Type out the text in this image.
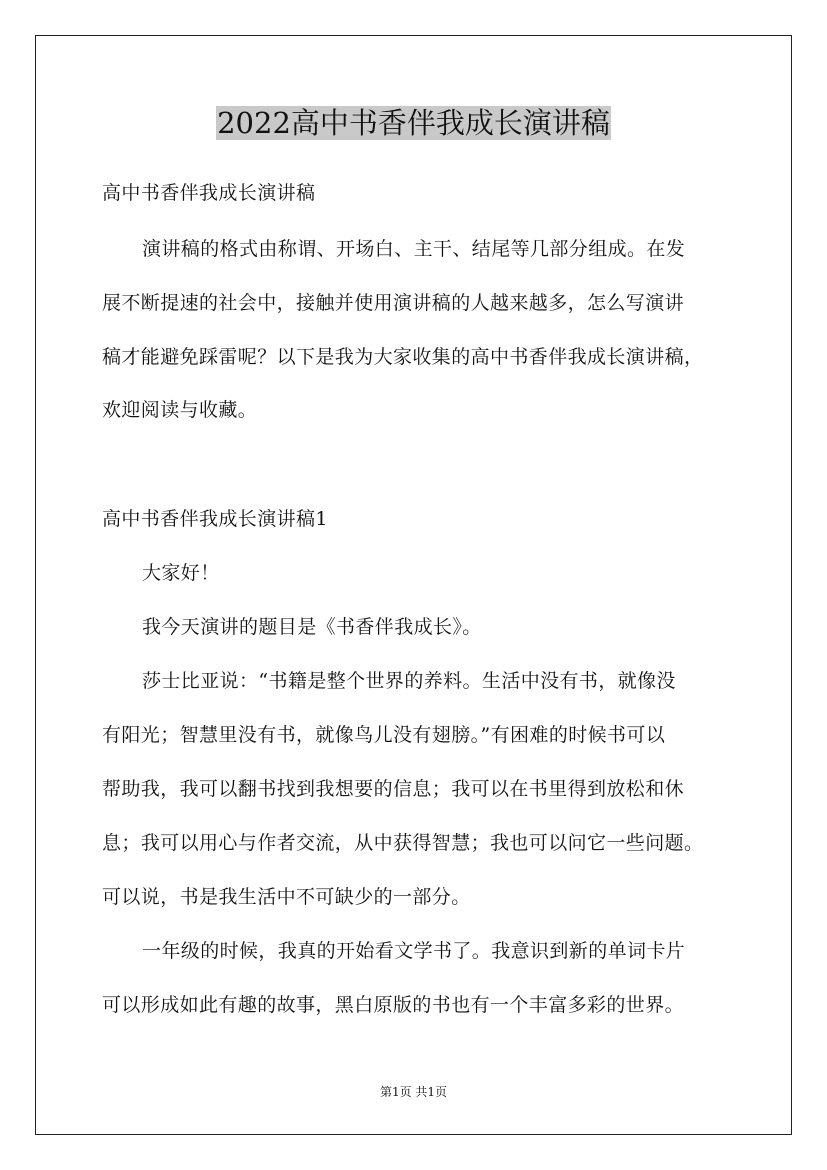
2022高中书香伴我成长演讲稿
高中书香伴我成长演讲稿
演讲稿的格式由称谓、开场白、主干、结尾等几部分组成。在发
展不断提速的社会中，接触并使用演讲稿的人越来越多，怎么写演讲
稿才能避免踩雷呢？以下是我为大家收集的高中书香伴我成长演讲稿，
欢迎阅读与收藏。
高中书香伴我成长演讲稿1
大家好！
我今天演讲的题目是《书香伴我成长》。
莎士比亚说：“书籍是整个世界的养料。生活中没有书，就像没
有阳光；智慧里没有书，就像鸟儿没有翅膀。”有困难的时候书可以
帮助我，我可以翻书找到我想要的信息；我可以在书里得到放松和休
息；我可以用心与作者交流，从中获得智慧；我也可以问它一些问题。
可以说，书是我生活中不可缺少的一部分。
一年级的时候，我真的开始看文学书了。我意识到新的单词卡片
可以形成如此有趣的故事，黑白原版的书也有一个丰富多彩的世界。
第1页 共1页
